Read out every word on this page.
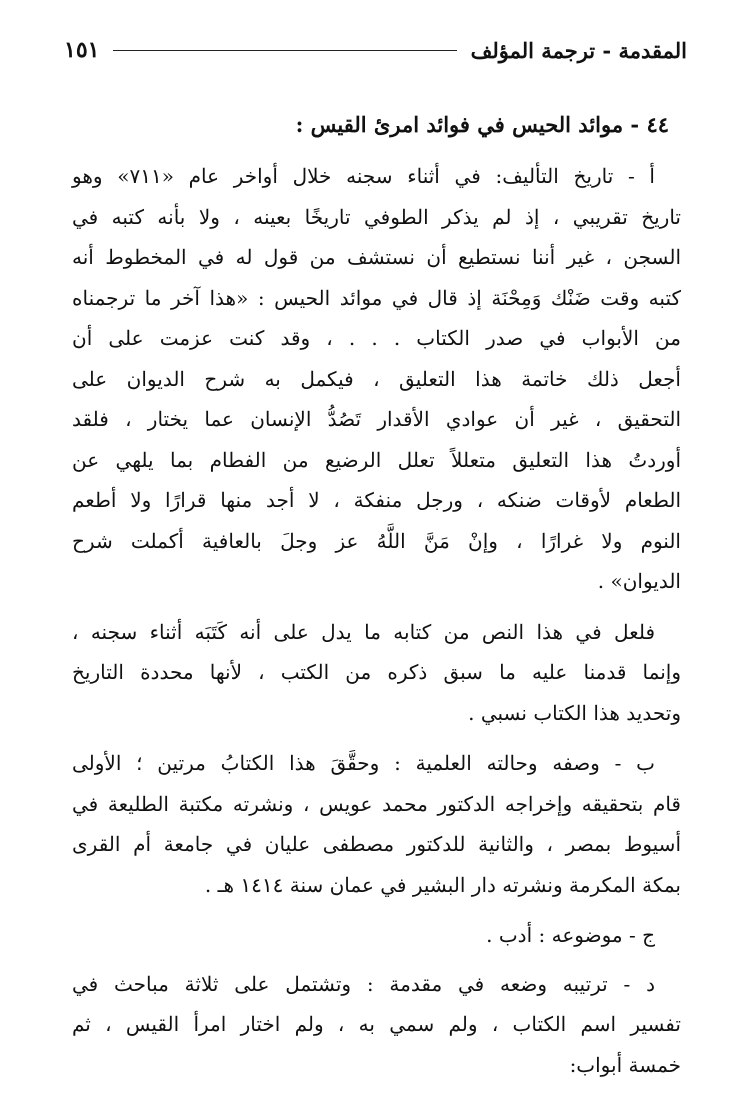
المقدمة - ترجمة المؤلف
١٥١
٤٤ - موائد الحيس في فوائد امرئ القيس :
أ - تاريخ التأليف: في أثناء سجنه خلال أواخر عام «٧١١» وهو
تاريخ تقريبي ، إذ لم يذكر الطوفي تاريخًا بعينه ، ولا بأنه كتبه في
السجن ، غير أننا نستطيع أن نستشف من قول له في المخطوط أنه
كتبه وقت ضَنْك وَمِحْنَة إذ قال في موائد الحيس : «هذا آخر ما ترجمناه
من الأبواب في صدر الكتاب . . . ، وقد كنت عزمت على أن
أجعل ذلك خاتمة هذا التعليق ، فيكمل به شرح الديوان على
التحقيق ، غير أن عوادي الأقدار تَصُدُّ الإنسان عما يختار ، فلقد
أوردتُ هذا التعليق متعللاً تعلل الرضيع من الفطام بما يلهي عن
الطعام لأوقات ضنكه ، ورجل منفكة ، لا أجد منها قرارًا ولا أطعم
النوم ولا غرارًا ، وإنْ مَنَّ اللَّهُ عز وجلَ بالعافية أكملت شرح
الديوان» .
فلعل في هذا النص من كتابه ما يدل على أنه كَتَبَه أثناء سجنه ،
وإنما قدمنا عليه ما سبق ذكره من الكتب ، لأنها محددة التاريخ
وتحديد هذا الكتاب نسبي .
ب - وصفه وحالته العلمية : وحقَّقَ هذا الكتابُ مرتين ؛ الأولى
قام بتحقيقه وإخراجه الدكتور محمد عويس ، ونشرته مكتبة الطليعة في
أسيوط بمصر ، والثانية للدكتور مصطفى عليان في جامعة أم القرى
بمكة المكرمة ونشرته دار البشير في عمان سنة ١٤١٤ هـ .
ج - موضوعه : أدب .
د - ترتيبه وضعه في مقدمة : وتشتمل على ثلاثة مباحث في
تفسير اسم الكتاب ، ولم سمي به ، ولم اختار امرأ القيس ، ثم
خمسة أبواب:
